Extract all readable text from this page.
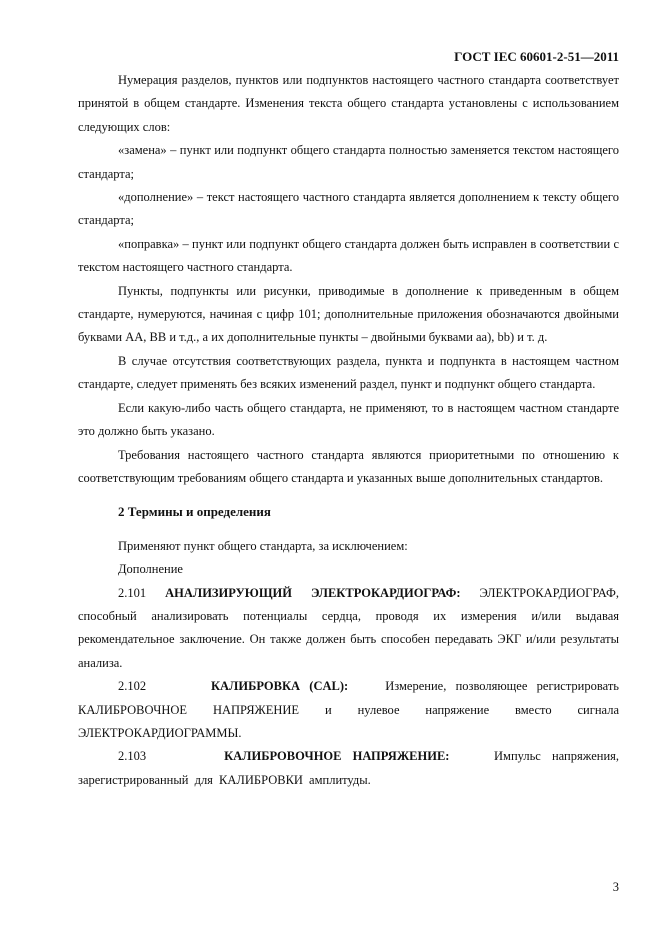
ГОСТ IEC 60601-2-51—2011

Нумерация разделов, пунктов или подпунктов настоящего частного стандарта соответствует принятой в общем стандарте. Изменения текста общего стандарта установлены с использованием следующих слов:

«замена» – пункт или подпункт общего стандарта полностью заменяется текстом настоящего стандарта;

«дополнение» – текст настоящего частного стандарта является дополнением к тексту общего стандарта;

«поправка» – пункт или подпункт общего стандарта должен быть исправлен в соответствии с текстом настоящего частного стандарта.

Пункты, подпункты или рисунки, приводимые в дополнение к приведенным в общем стандарте, нумеруются, начиная с цифр 101; дополнительные приложения обозначаются двойными буквами АА, ВВ и т.д., а их дополнительные пункты – двойными буквами аа), bb) и т. д.

В случае отсутствия соответствующих раздела, пункта и подпункта в настоящем частном стандарте, следует применять без всяких изменений раздел, пункт и подпункт общего стандарта.

Если какую-либо часть общего стандарта, не применяют, то в настоящем частном стандарте это должно быть указано.

Требования настоящего частного стандарта являются приоритетными по отношению к соответствующим требованиям общего стандарта и указанных выше дополнительных стандартов.

2 Термины и определения

Применяют пункт общего стандарта, за исключением:

Дополнение

2.101 АНАЛИЗИРУЮЩИЙ ЭЛЕКТРОКАРДИОГРАФ: ЭЛЕКТРОКАРДИОГРАФ, способный анализировать потенциалы сердца, проводя их измерения и/или выдавая рекомендательное заключение. Он также должен быть способен передавать ЭКГ и/или результаты анализа.

2.102	КАЛИБРОВКА (CAL):	Измерение, позволяющее регистрировать КАЛИБРОВОЧНОЕ НАПРЯЖЕНИЕ и нулевое напряжение вместо сигнала ЭЛЕКТРОКАРДИОГРАММЫ.

2.103	КАЛИБРОВОЧНОЕ НАПРЯЖЕНИЕ:	Импульс напряжения, зарегистрированный для КАЛИБРОВКИ амплитуды.

3
